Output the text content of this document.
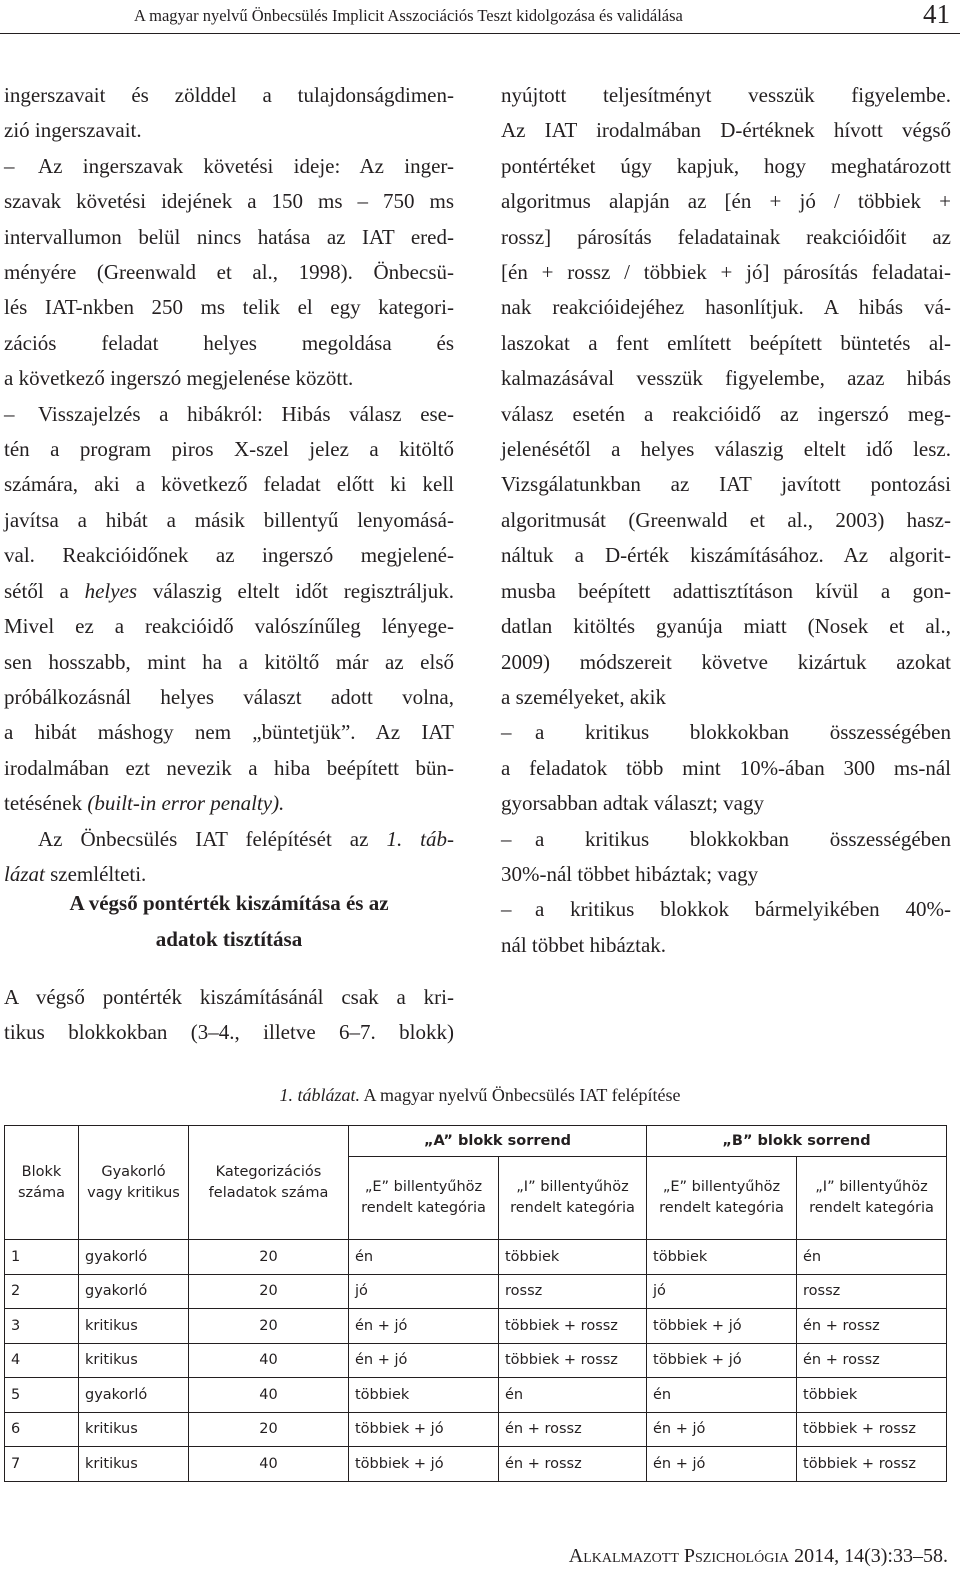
A magyar nyelvű Önbecsülés Implicit Asszociációs Teszt kidolgozása és validálása	41

ingerszavait és zölddel a tulajdonságdimen-
zió ingerszavait.
– Az ingerszavak követési ideje: Az inger-
szavak követési idejének a 150 ms – 750 ms
intervallumon belül nincs hatása az IAT ered-
ményére (Greenwald et al., 1998). Önbecsü-
lés IAT-nkben 250 ms telik el egy kategori-
zációs feladat helyes megoldása és
a következő ingerszó megjelenése között.
– Visszajelzés a hibákról: Hibás válasz ese-
tén a program piros X-szel jelez a kitöltő
számára, aki a következő feladat előtt ki kell
javítsa a hibát a másik billentyű lenyomásá-
val. Reakcióidőnek az ingerszó megjelené-
sétől a helyes válaszig eltelt időt regisztráljuk.
Mivel ez a reakcióidő valószínűleg lényege-
sen hosszabb, mint ha a kitöltő már az első
próbálkozásnál helyes választ adott volna,
a hibát máshogy nem „büntetjük”. Az IAT
irodalmában ezt nevezik a hiba beépített bün-
tetésének (built-in error penalty).
Az Önbecsülés IAT felépítését az 1. táb-
lázat szemlélteti.

A végső pontérték kiszámítása és az
adatok tisztítása
A végső pontérték kiszámításánál csak a kri-
tikus blokkokban (3–4., illetve 6–7. blokk)

nyújtott teljesítményt vesszük figyelembe.
Az IAT irodalmában D-értéknek hívott végső
pontértéket úgy kapjuk, hogy meghatározott
algoritmus alapján az [én + jó / többiek +
rossz] párosítás feladatainak reakcióidőit az
[én + rossz / többiek + jó] párosítás feladatai-
nak reakcióidejéhez hasonlítjuk. A hibás vá-
laszokat a fent említett beépített büntetés al-
kalmazásával vesszük figyelembe, azaz hibás
válasz esetén a reakcióidő az ingerszó meg-
jelenésétől a helyes válaszig eltelt idő lesz.
Vizsgálatunkban az IAT javított pontozási
algoritmusát (Greenwald et al., 2003) hasz-
náltuk a D-érték kiszámításához. Az algorit-
musba beépített adattisztításon kívül a gon-
datlan kitöltés gyanúja miatt (Nosek et al.,
2009) módszereit követve kizártuk azokat
a személyeket, akik
– a kritikus blokkokban összességében
a feladatok több mint 10%-ában 300 ms-nál
gyorsabban adtak választ; vagy
– a kritikus blokkokban összességében
30%-nál többet hibáztak; vagy
– a kritikus blokkok bármelyikében 40%-
nál többet hibáztak.

1. táblázat. A magyar nyelvű Önbecsülés IAT felépítése
Blokk száma	Gyakorló vagy kritikus	Kategorizációs feladatok száma	„A” blokk sorrend		„B” blokk sorrend	
			„E” billentyűhöz rendelt kategória	„I” billentyűhöz rendelt kategória	„E” billentyűhöz rendelt kategória	„I” billentyűhöz rendelt kategória
1	gyakorló	20	én	többiek	többiek	én
2	gyakorló	20	jó	rossz	jó	rossz
3	kritikus	20	én + jó	többiek + rossz	többiek + jó	én + rossz
4	kritikus	40	én + jó	többiek + rossz	többiek + jó	én + rossz
5	gyakorló	40	többiek	én	én	többiek
6	kritikus	20	többiek + jó	én + rossz	én + jó	többiek + rossz
7	kritikus	40	többiek + jó	én + rossz	én + jó	többiek + rossz
Alkalmazott Pszichológia 2014, 14(3):33–58.
